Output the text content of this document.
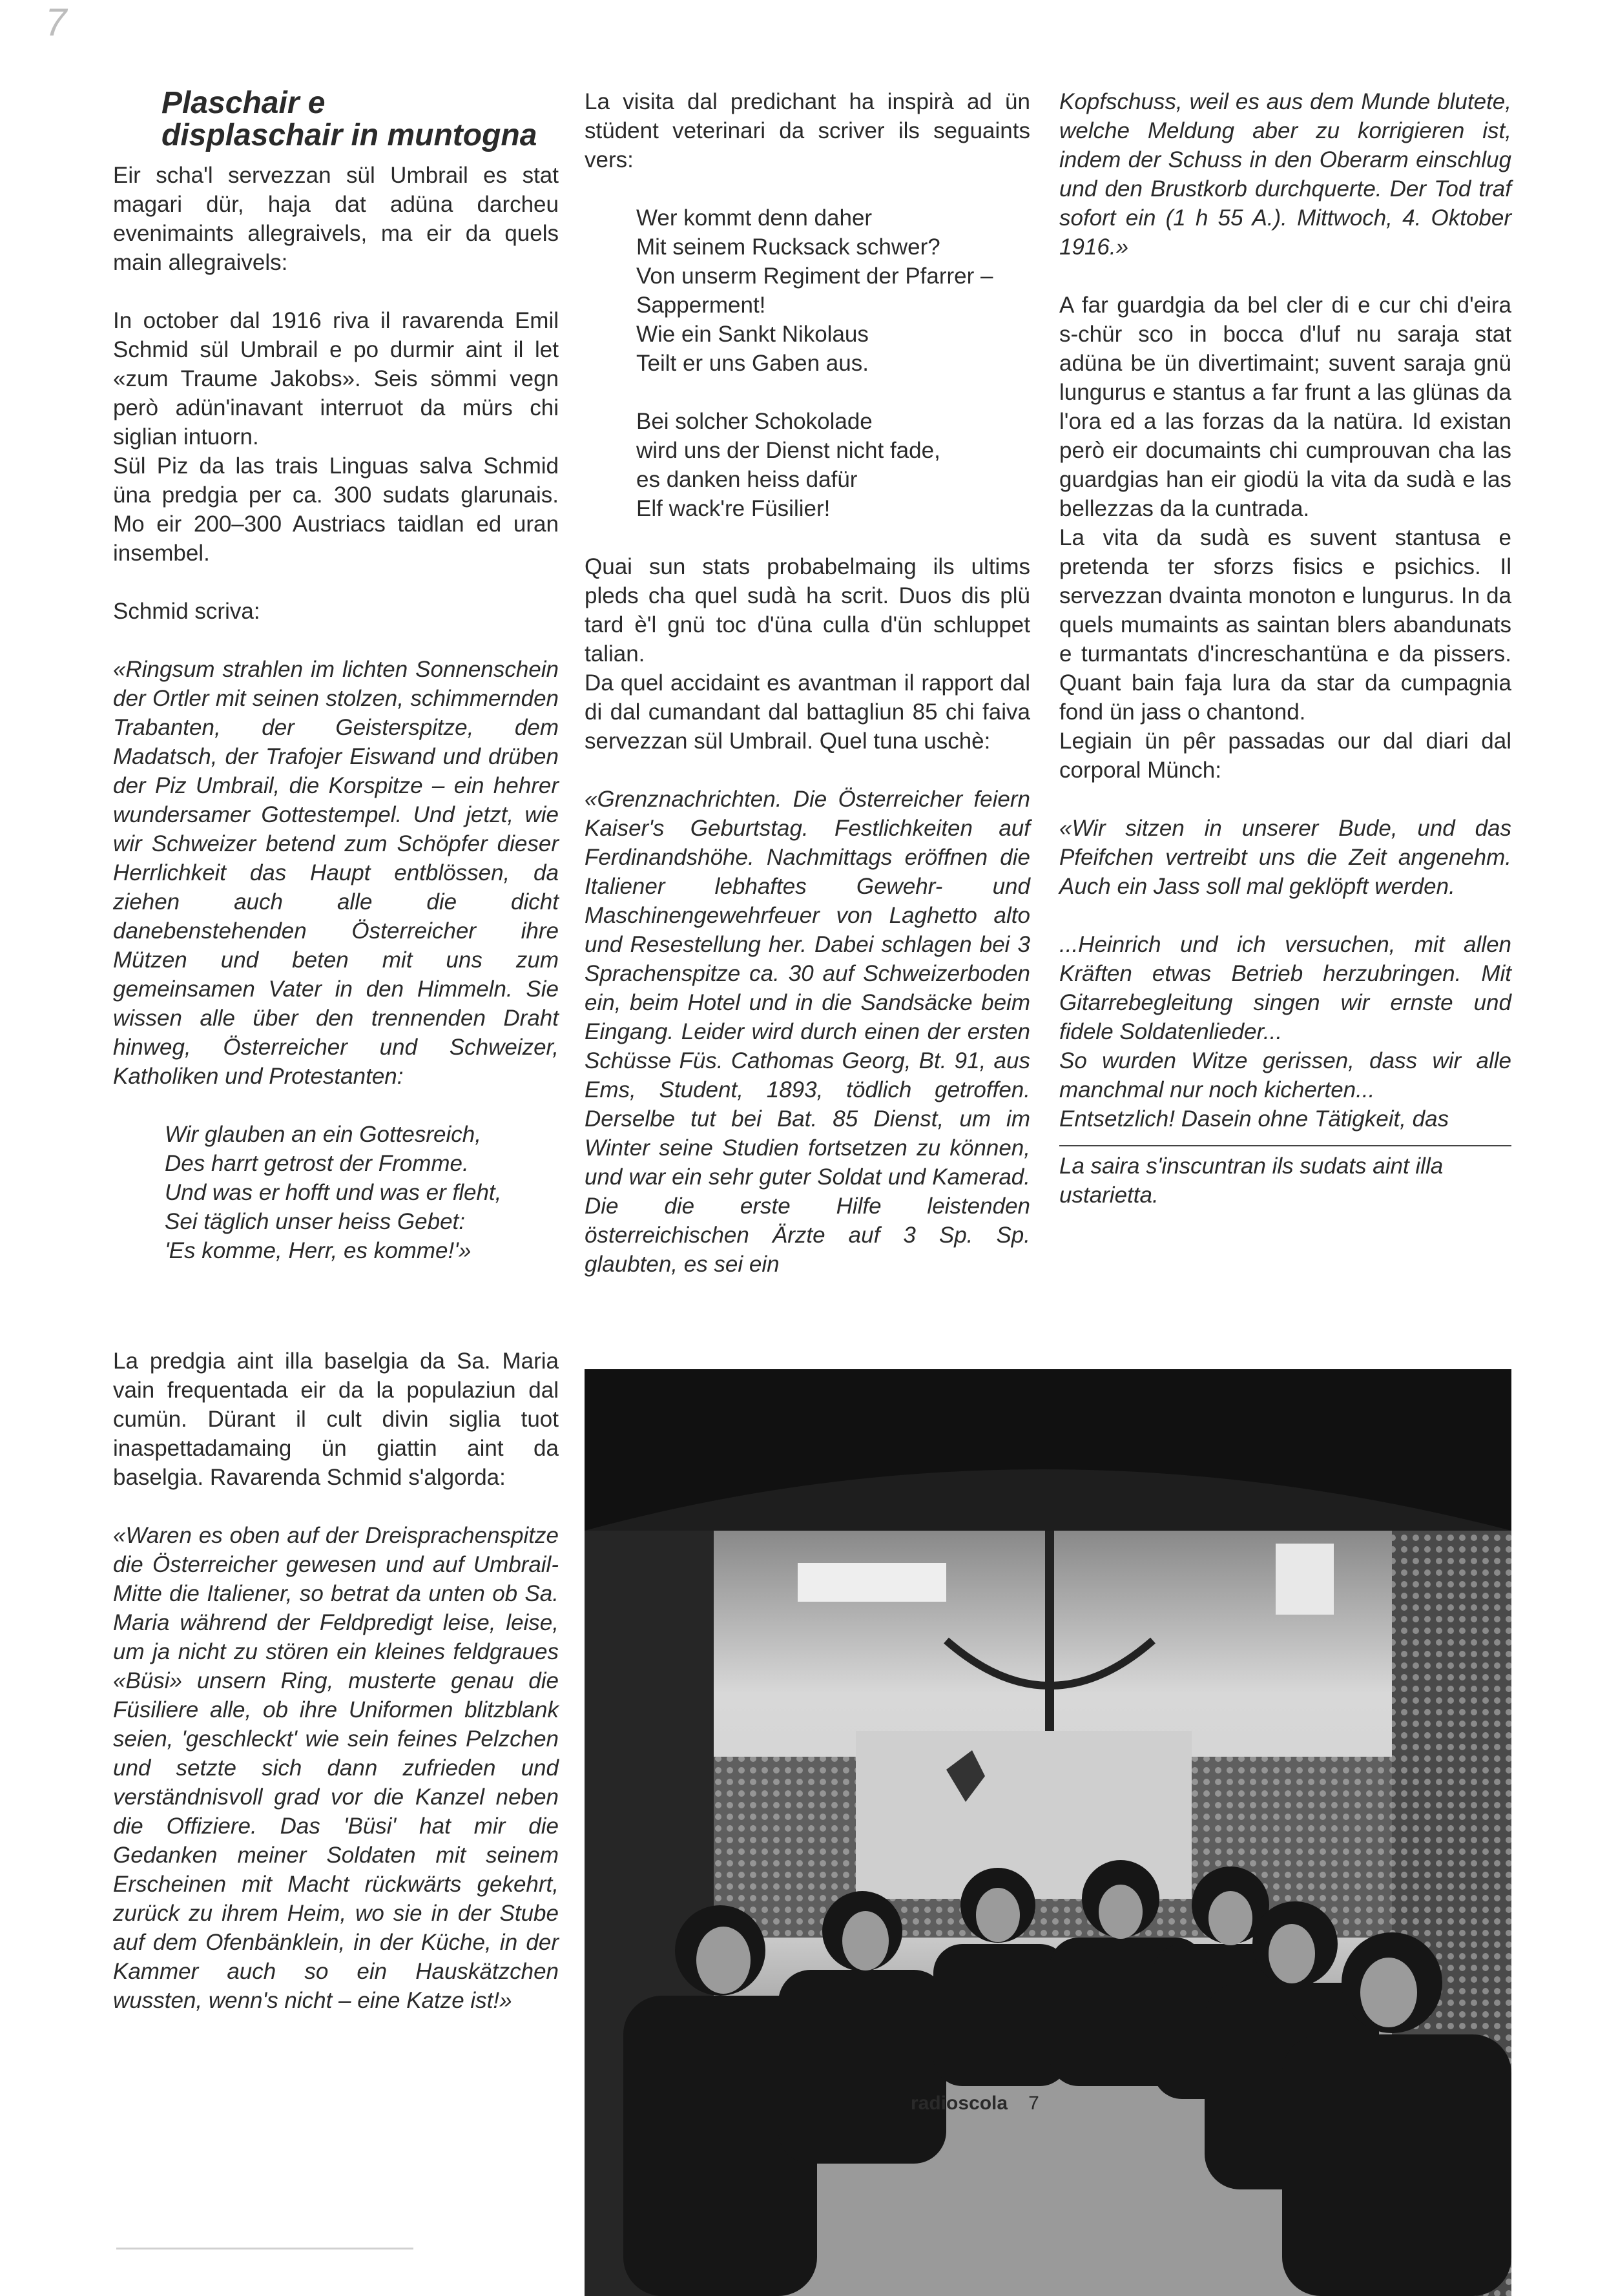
7

Plaschair e
displaschair in muntogna

Eir scha'l servezzan sül Umbrail es stat magari dür, haja dat adüna darcheu evenimaints allegraivels, ma eir da quels main allegraivels:

In october dal 1916 riva il ravarenda Emil Schmid sül Umbrail e po durmir aint il let «zum Traume Jakobs». Seis sömmi vegn però adün'inavant interruot da mürs chi siglian intuorn.

Sül Piz da las trais Linguas salva Schmid üna predgia per ca. 300 sudats glarunais. Mo eir 200–300 Austriacs taidlan ed uran insembel.

Schmid scriva:

«Ringsum strahlen im lichten Sonnenschein der Ortler mit seinen stolzen, schimmernden Trabanten, der Geisterspitze, dem Madatsch, der Trafojer Eiswand und drüben der Piz Umbrail, die Korspitze – ein hehrer wundersamer Gottestempel. Und jetzt, wie wir Schweizer betend zum Schöpfer dieser Herrlichkeit das Haupt entblössen, da ziehen auch alle die dicht danebenstehenden Österreicher ihre Mützen und beten mit uns zum gemeinsamen Vater in den Himmeln. Sie wissen alle über den trennenden Draht hinweg, Österreicher und Schweizer, Katholiken und Protestanten:

Wir glauben an ein Gottesreich,
Des harrt getrost der Fromme.
Und was er hofft und was er fleht,
Sei täglich unser heiss Gebet:
'Es komme, Herr, es komme!'»

La visita dal predichant ha inspirà ad ün stüdent veterinari da scriver ils seguaints vers:

Wer kommt denn daher
Mit seinem Rucksack schwer?
Von unserm Regiment der Pfarrer –
Sapperment!
Wie ein Sankt Nikolaus
Teilt er uns Gaben aus.

Bei solcher Schokolade
wird uns der Dienst nicht fade,
es danken heiss dafür
Elf wack're Füsilier!

Quai sun stats probabelmaing ils ultims pleds cha quel sudà ha scrit. Duos dis plü tard è'l gnü toc d'üna culla d'ün schluppet talian.

Da quel accidaint es avantman il rapport dal di dal cumandant dal battagliun 85 chi faiva servezzan sül Umbrail. Quel tuna uschè:

«Grenznachrichten. Die Österreicher feiern Kaiser's Geburtstag. Festlichkeiten auf Ferdinandshöhe. Nachmittags eröffnen die Italiener lebhaftes Gewehr- und Maschinengewehrfeuer von Laghetto alto und Resestellung her. Dabei schlagen bei 3 Sprachenspitze ca. 30 auf Schweizerboden ein, beim Hotel und in die Sandsäcke beim Eingang. Leider wird durch einen der ersten Schüsse Füs. Cathomas Georg, Bt. 91, aus Ems, Student, 1893, tödlich getroffen. Derselbe tut bei Bat. 85 Dienst, um im Winter seine Studien fortsetzen zu können, und war ein sehr guter Soldat und Kamerad. Die die erste Hilfe leistenden österreichischen Ärzte auf 3 Sp. Sp. glaubten, es sei ein

Kopfschuss, weil es aus dem Munde blutete, welche Meldung aber zu korrigieren ist, indem der Schuss in den Oberarm einschlug und den Brustkorb durchquerte. Der Tod traf sofort ein (1 h 55 A.). Mittwoch, 4. Oktober 1916.»

A far guardgia da bel cler di e cur chi d'eira s-chür sco in bocca d'luf nu saraja stat adüna be ün divertimaint; suvent saraja gnü lungurus e stantus a far frunt a las glünas da l'ora ed a las forzas da la natüra. Id existan però eir documaints chi cumprouvan cha las guardgias han eir giodü la vita da sudà e las bellezzas da la cuntrada.

La vita da sudà es suvent stantusa e pretenda ter sforzs fisics e psichics. Il servezzan dvainta monoton e lungurus. In da quels mumaints as saintan blers abandunats e turmantats d'increschantüna e da pissers. Quant bain faja lura da star da cumpagnia fond ün jass o chantond.

Legiain ün pêr passadas our dal diari dal corporal Münch:

«Wir sitzen in unserer Bude, und das Pfeifchen vertreibt uns die Zeit angenehm. Auch ein Jass soll mal geklöpft werden.

...Heinrich und ich versuchen, mit allen Kräften etwas Betrieb herzubringen. Mit Gitarrebegleitung singen wir ernste und fidele Soldatenlieder...
So wurden Witze gerissen, dass wir alle manchmal nur noch kicherten...
Entsetzlich! Dasein ohne Tätigkeit, das

La saira s'inscuntran ils sudats aint illa ustarietta.

La predgia aint illa baselgia da Sa. Maria vain frequentada eir da la populaziun dal cumün. Dürant il cult divin siglia tuot inaspettadamaing ün giattin aint da baselgia. Ravarenda Schmid s'algorda:

«Waren es oben auf der Dreisprachenspitze die Österreicher gewesen und auf Umbrail-Mitte die Italiener, so betrat da unten ob Sa. Maria während der Feldpredigt leise, leise, um ja nicht zu stören ein kleines feldgraues «Büsi» unsern Ring, musterte genau die Füsiliere alle, ob ihre Uniformen blitzblank seien, 'geschleckt' wie sein feines Pelzchen und setzte sich dann zufrieden und verständnisvoll grad vor die Kanzel neben die Offiziere. Das 'Büsi' hat mir die Gedanken meiner Soldaten mit seinem Erscheinen mit Macht rückwärts gekehrt, zurück zu ihrem Heim, wo sie in der Stube auf dem Ofenbänklein, in der Küche, in der Kammer auch so ein Hauskätzchen wussten, wenn's nicht – eine Katze ist!»

radioscola 7
